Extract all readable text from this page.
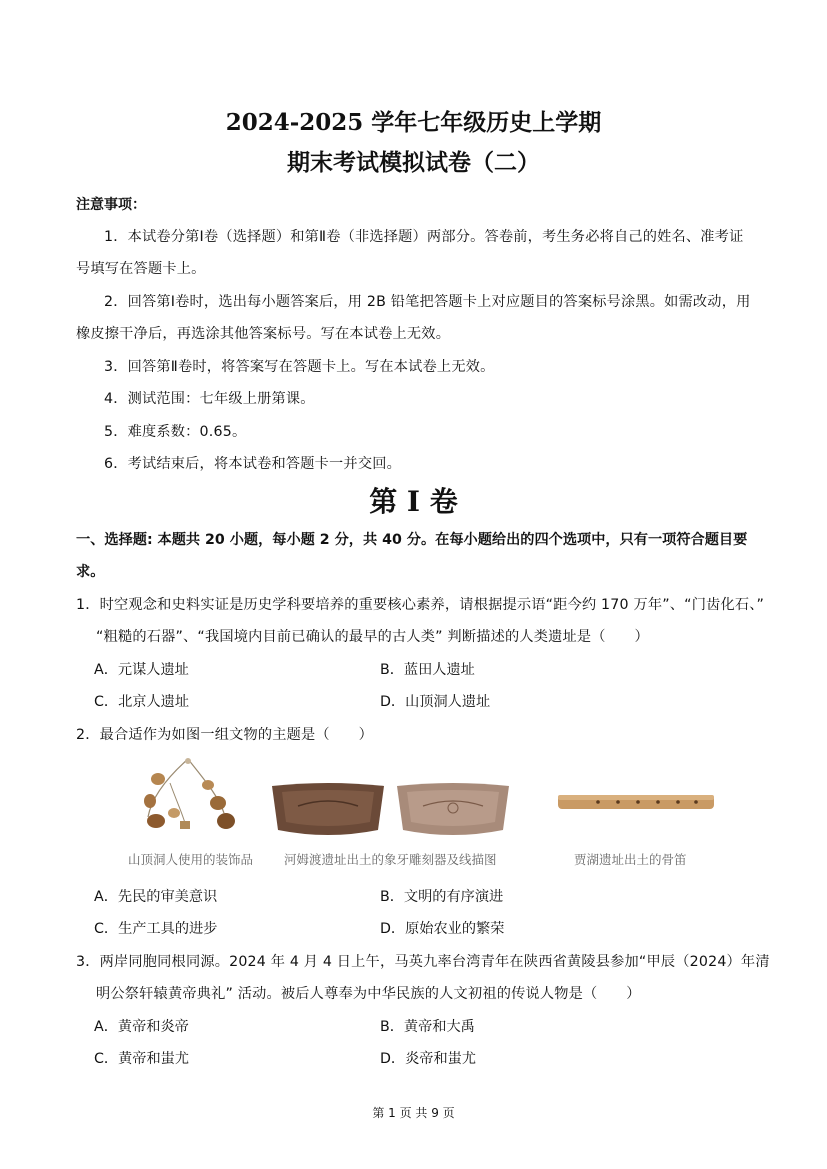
2024-2025 学年七年级历史上学期
期末考试模拟试卷（二）
注意事项：
1．本试卷分第Ⅰ卷（选择题）和第Ⅱ卷（非选择题）两部分。答卷前，考生务必将自己的姓名、准考证
号填写在答题卡上。
2．回答第Ⅰ卷时，选出每小题答案后，用 2B 铅笔把答题卡上对应题目的答案标号涂黑。如需改动，用
橡皮擦干净后，再选涂其他答案标号。写在本试卷上无效。
3．回答第Ⅱ卷时，将答案写在答题卡上。写在本试卷上无效。
4．测试范围：七年级上册第课。
5．难度系数：0.65。
6．考试结束后，将本试卷和答题卡一并交回。
第 I 卷
一、选择题: 本题共 20 小题，每小题 2 分，共 40 分。在每小题给出的四个选项中，只有一项符合题目要
求。
1．时空观念和史料实证是历史学科要培养的重要核心素养，请根据提示语“距今约 170 万年”、“门齿化石、”
“粗糙的石器”、“我国境内目前已确认的最早的古人类” 判断描述的人类遗址是（　　）
A．元谋人遗址	B．蓝田人遗址
C．北京人遗址	D．山顶洞人遗址
2．最合适作为如图一组文物的主题是（　　）
山顶洞人使用的装饰品 河姆渡遗址出土的象牙雕刻器及线描图	贾湖遗址出土的骨笛
A．先民的审美意识	B．文明的有序演进
C．生产工具的进步	D．原始农业的繁荣
3．两岸同胞同根同源。2024 年 4 月 4 日上午，马英九率台湾青年在陕西省黄陵县参加“甲辰（2024）年清
明公祭轩辕黄帝典礼” 活动。被后人尊奉为中华民族的人文初祖的传说人物是（　　）
A．黄帝和炎帝	B．黄帝和大禹
C．黄帝和蚩尤	D．炎帝和蚩尤
第 1 页 共 9 页
